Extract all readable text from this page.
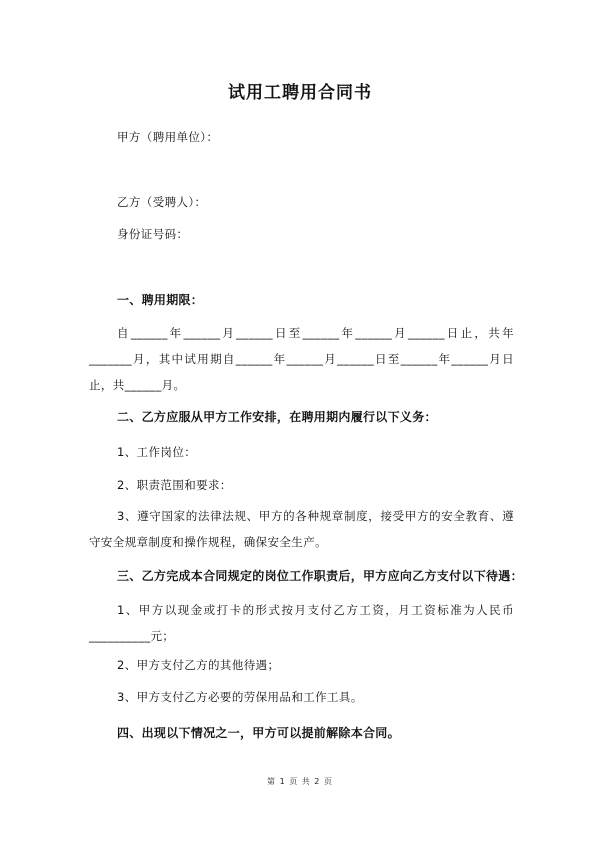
试用工聘用合同书
甲方（聘用单位）：
乙方（受聘人）：
身份证号码：
一、聘用期限：
自______年______月______日至______年______月______日止，共年_______月，其中试用期自______年______月______日至______年______月日止，共______月。
二、乙方应服从甲方工作安排，在聘用期内履行以下义务：
1、工作岗位：
2、职责范围和要求：
3、遵守国家的法律法规、甲方的各种规章制度，接受甲方的安全教育、遵守安全规章制度和操作规程，确保安全生产。
三、乙方完成本合同规定的岗位工作职责后，甲方应向乙方支付以下待遇：
1、甲方以现金或打卡的形式按月支付乙方工资，月工资标准为人民币__________元；
2、甲方支付乙方的其他待遇；
3、甲方支付乙方必要的劳保用品和工作工具。
四、出现以下情况之一，甲方可以提前解除本合同。
第 1 页 共 2 页
